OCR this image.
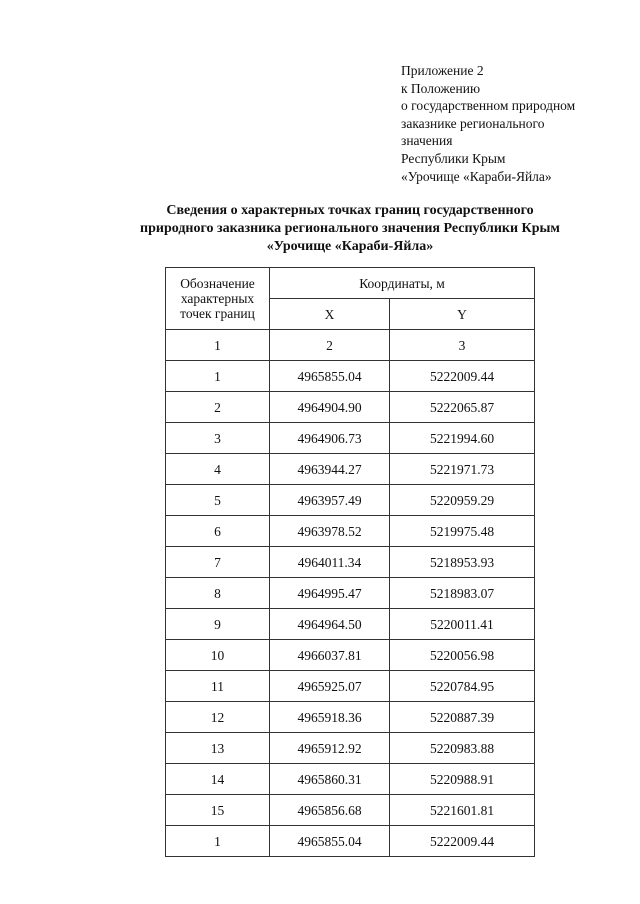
Приложение 2
к Положению
о государственном природном
заказнике регионального
значения
Республики Крым
«Урочище «Караби-Яйла»
Сведения о характерных точках границ государственного
природного заказника регионального значения Республики Крым
«Урочище «Караби-Яйла»
Обозначение
характерных
точек границ	Координаты, м	
	X	Y
1	2	3
1	4965855.04	5222009.44
2	4964904.90	5222065.87
3	4964906.73	5221994.60
4	4963944.27	5221971.73
5	4963957.49	5220959.29
6	4963978.52	5219975.48
7	4964011.34	5218953.93
8	4964995.47	5218983.07
9	4964964.50	5220011.41
10	4966037.81	5220056.98
11	4965925.07	5220784.95
12	4965918.36	5220887.39
13	4965912.92	5220983.88
14	4965860.31	5220988.91
15	4965856.68	5221601.81
1	4965855.04	5222009.44
